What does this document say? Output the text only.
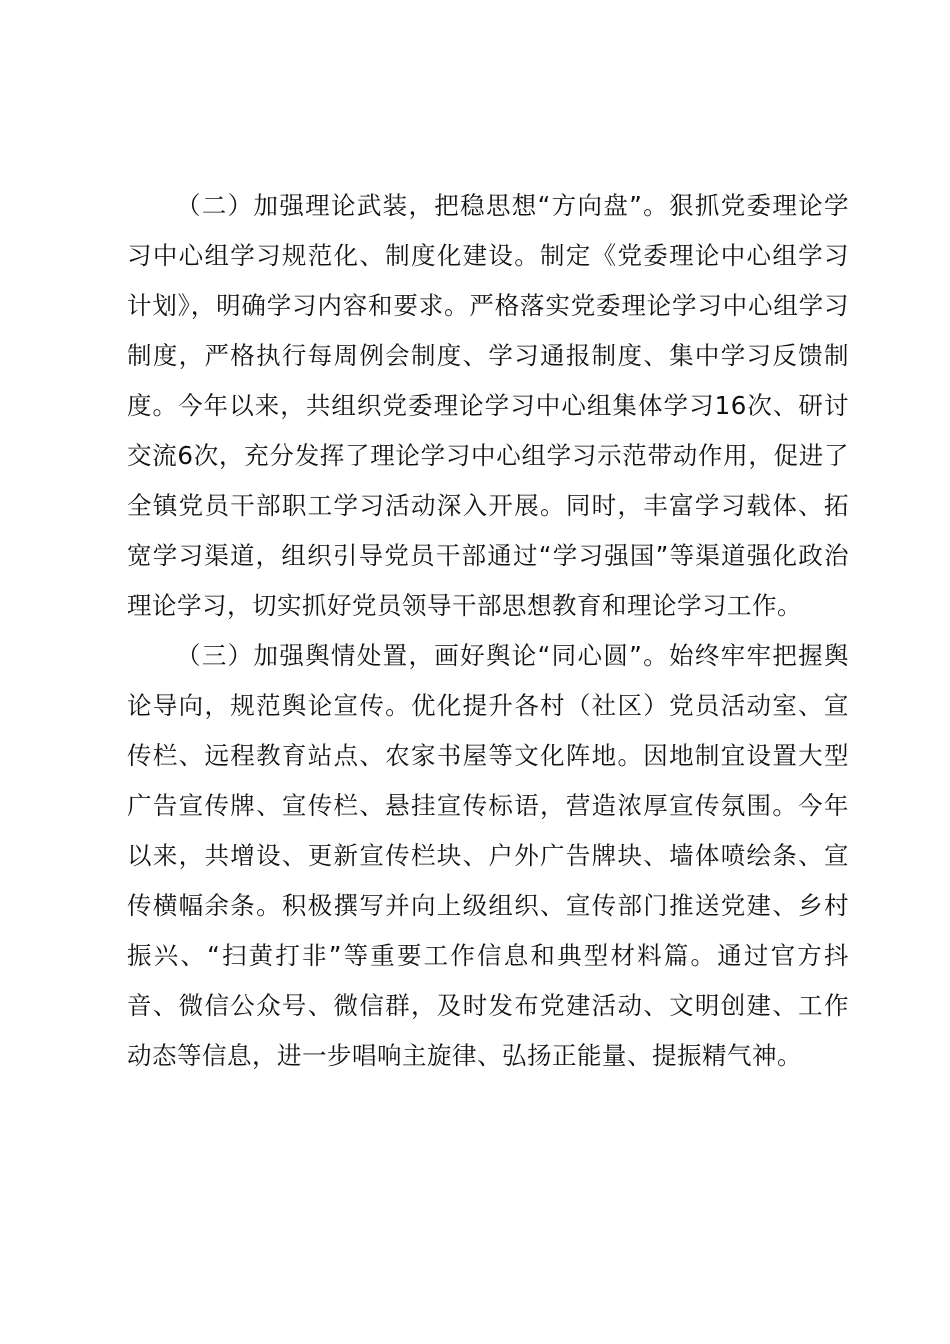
（二）加强理论武装，把稳思想“方向盘”。狠抓党委理论学习中心组学习规范化、制度化建设。制定《党委理论中心组学习计划》，明确学习内容和要求。严格落实党委理论学习中心组学习制度，严格执行每周例会制度、学习通报制度、集中学习反馈制度。今年以来，共组织党委理论学习中心组集体学习16次、研讨交流6次，充分发挥了理论学习中心组学习示范带动作用，促进了全镇党员干部职工学习活动深入开展。同时，丰富学习载体、拓宽学习渠道，组织引导党员干部通过“学习强国”等渠道强化政治理论学习，切实抓好党员领导干部思想教育和理论学习工作。

（三）加强舆情处置，画好舆论“同心圆”。始终牢牢把握舆论导向，规范舆论宣传。优化提升各村（社区）党员活动室、宣传栏、远程教育站点、农家书屋等文化阵地。因地制宜设置大型广告宣传牌、宣传栏、悬挂宣传标语，营造浓厚宣传氛围。今年以来，共增设、更新宣传栏块、户外广告牌块、墙体喷绘条、宣传横幅余条。积极撰写并向上级组织、宣传部门推送党建、乡村振兴、“扫黄打非”等重要工作信息和典型材料篇。通过官方抖音、微信公众号、微信群，及时发布党建活动、文明创建、工作动态等信息，进一步唱响主旋律、弘扬正能量、提振精气神。
